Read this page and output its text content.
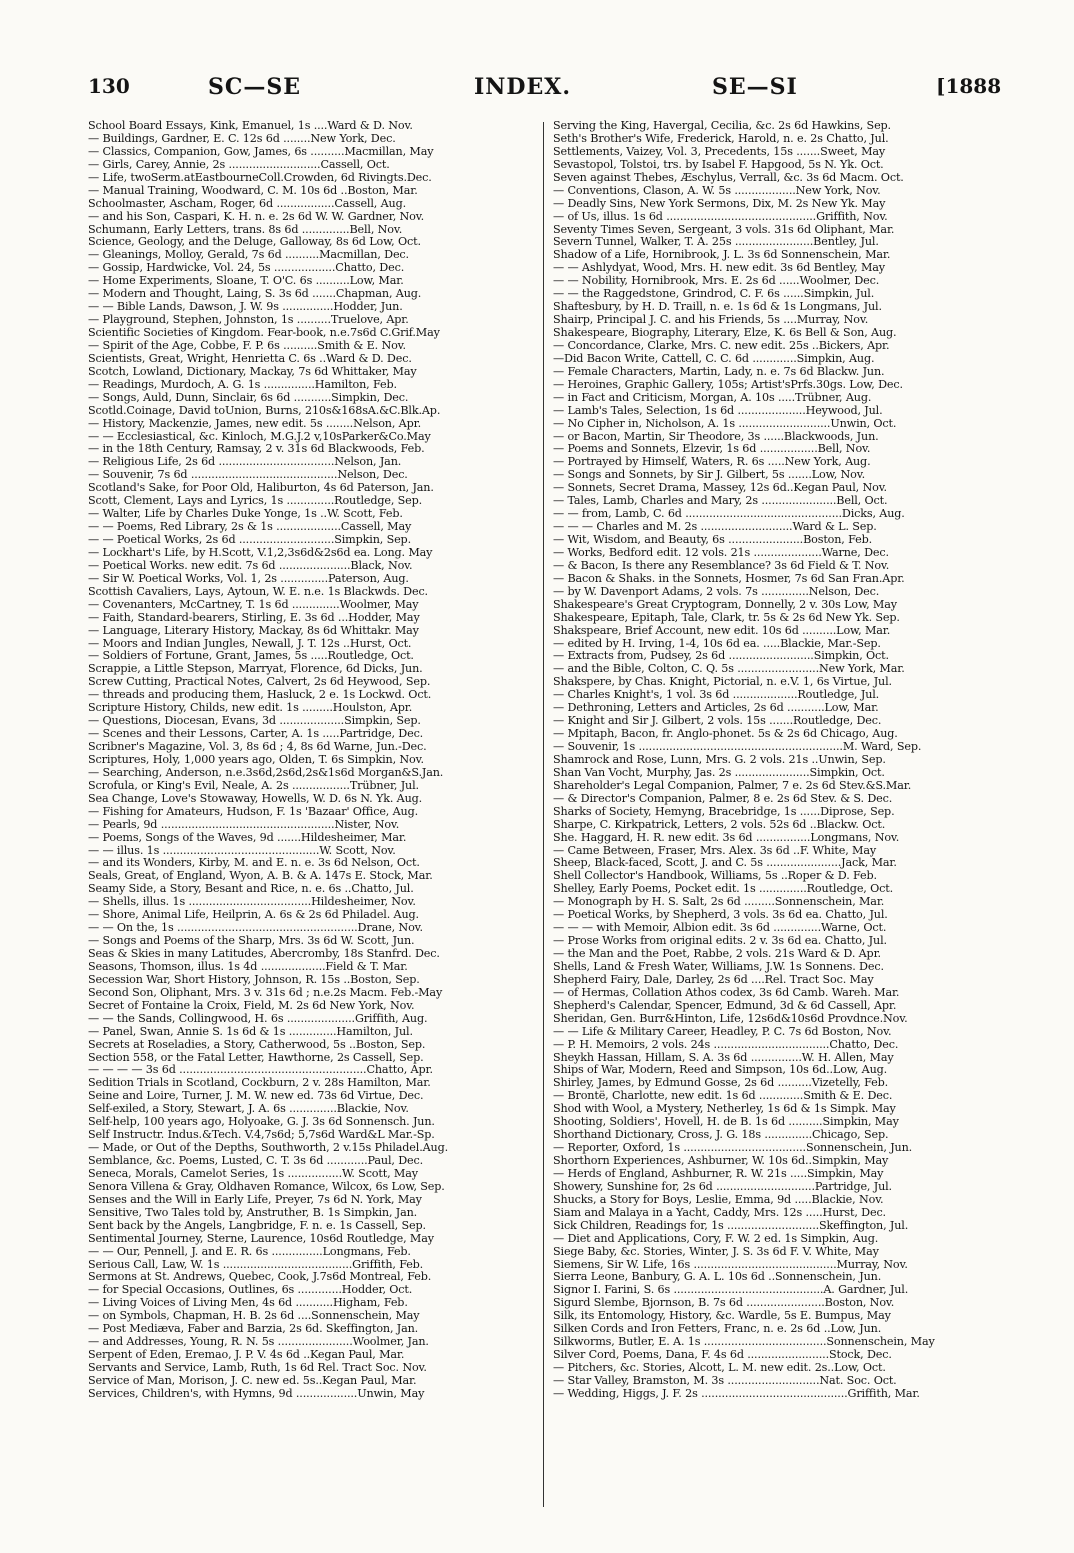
130	SC—SE	INDEX.	SE—SI	[1888
School Board Essays, Kink, Emanuel, 1s ....Ward & D. Nov.
— Buildings, Gardner, E. C. 12s 6d ........New York, Dec.
— Classics, Companion, Gow, James, 6s ..........Macmillan, May
— Girls, Carey, Annie, 2s ...........................Cassell, Oct.
— Life, twoSerm.atEastbourneColl.Crowden, 6d Rivingts.Dec.
— Manual Training, Woodward, C. M. 10s 6d ..Boston, Mar.
Schoolmaster, Ascham, Roger, 6d .................Cassell, Aug.
— and his Son, Caspari, K. H. n. e. 2s 6d W. W. Gardner, Nov.
Schumann, Early Letters, trans. 8s 6d ..............Bell, Nov.
Science, Geology, and the Deluge, Galloway, 8s 6d Low, Oct.
— Gleanings, Molloy, Gerald, 7s 6d ..........Macmillan, Dec.
— Gossip, Hardwicke, Vol. 24, 5s ..................Chatto, Dec.
— Home Experiments, Sloane, T. O'C. 6s ..........Low, Mar.
— Modern and Thought, Laing, S. 3s 6d .......Chapman, Aug.
— — Bible Lands, Dawson, J. W. 9s ...............Hodder, Jun.
— Playground, Stephen, Johnston, 1s ..........Truelove, Apr.
Scientific Societies of Kingdom. Fear-book, n.e.7s6d C.Grif.May
— Spirit of the Age, Cobbe, F. P. 6s ..........Smith & E. Nov.
Scientists, Great, Wright, Henrietta C. 6s ..Ward & D. Dec.
Scotch, Lowland, Dictionary, Mackay, 7s 6d Whittaker, May
— Readings, Murdoch, A. G. 1s ...............Hamilton, Feb.
— Songs, Auld, Dunn, Sinclair, 6s 6d ...........Simpkin, Dec.
Scotld.Coinage, David toUnion, Burns, 210s&168sA.&C.Blk.Ap.
— History, Mackenzie, James, new edit. 5s ........Nelson, Apr.
— — Ecclesiastical, &c. Kinloch, M.G.J.2 v,10sParker&Co.May
— in the 18th Century, Ramsay, 2 v. 31s 6d Blackwoods, Feb.
— Religious Life, 2s 6d ..................................Nelson, Jan.
— Souvenir, 7s 6d ...........................................Nelson, Dec.
Scotland's Sake, for Poor Old, Haliburton, 4s 6d Paterson, Jan.
Scott, Clement, Lays and Lyrics, 1s ..............Routledge, Sep.
— Walter, Life by Charles Duke Yonge, 1s ..W. Scott, Feb.
— — Poems, Red Library, 2s & 1s ...................Cassell, May
— — Poetical Works, 2s 6d ............................Simpkin, Sep.
— Lockhart's Life, by H.Scott, V.1,2,3s6d&2s6d ea. Long. May
— Poetical Works. new edit. 7s 6d .....................Black, Nov.
— Sir W. Poetical Works, Vol. 1, 2s ..............Paterson, Aug.
Scottish Cavaliers, Lays, Aytoun, W. E. n.e. 1s Blackwds. Dec.
— Covenanters, McCartney, T. 1s 6d ..............Woolmer, May
— Faith, Standard-bearers, Stirling, E. 3s 6d ...Hodder, May
— Language, Literary History, Mackay, 8s 6d Whittakr. May
— Moors and Indian Jungles, Newall, J. T. 12s ..Hurst, Oct.
— Soldiers of Fortune, Grant, James, 5s .....Routledge, Oct.
Scrappie, a Little Stepson, Marryat, Florence, 6d Dicks, Jun.
Screw Cutting, Practical Notes, Calvert, 2s 6d Heywood, Sep.
— threads and producing them, Hasluck, 2 e. 1s Lockwd. Oct.
Scripture History, Childs, new edit. 1s .........Houlston, Apr.
— Questions, Diocesan, Evans, 3d ...................Simpkin, Sep.
— Scenes and their Lessons, Carter, A. 1s .....Partridge, Dec.
Scribner's Magazine, Vol. 3, 8s 6d ; 4, 8s 6d Warne, Jun.-Dec.
Scriptures, Holy, 1,000 years ago, Olden, T. 6s Simpkin, Nov.
— Searching, Anderson, n.e.3s6d,2s6d,2s&1s6d Morgan&S.Jan.
Scrofula, or King's Evil, Neale, A. 2s .................Trübner, Jul.
Sea Change, Love's Stowaway, Howells, W. D. 6s N. Yk. Aug.
— Fishing for Amateurs, Hudson, F. 1s 'Bazaar' Office, Aug.
— Pearls, 9d ...................................................Nister, Nov.
— Poems, Songs of the Waves, 9d .......Hildesheimer, Mar.
— — illus. 1s ..............................................W. Scott, Nov.
— and its Wonders, Kirby, M. and E. n. e. 3s 6d Nelson, Oct.
Seals, Great, of England, Wyon, A. B. & A. 147s E. Stock, Mar.
Seamy Side, a Story, Besant and Rice, n. e. 6s ..Chatto, Jul.
— Shells, illus. 1s ....................................Hildesheimer, Nov.
— Shore, Animal Life, Heilprin, A. 6s & 2s 6d Philadel. Aug.
— — On the, 1s .....................................................Drane, Nov.
— Songs and Poems of the Sharp, Mrs. 3s 6d W. Scott, Jun.
Seas & Skies in many Latitudes, Abercromby, 18s Stanfrd. Dec.
Seasons, Thomson, illus. 1s 4d ...................Field & T. Mar.
Secession War, Short History, Johnson, R. 15s ..Boston, Sep.
Second Son, Oliphant, Mrs. 3 v. 31s 6d ; n.e.2s Macm. Feb.-May
Secret of Fontaine la Croix, Field, M. 2s 6d New York, Nov.
— — the Sands, Collingwood, H. 6s ....................Griffith, Aug.
— Panel, Swan, Annie S. 1s 6d & 1s ..............Hamilton, Jul.
Secrets at Roseladies, a Story, Catherwood, 5s ..Boston, Sep.
Section 558, or the Fatal Letter, Hawthorne, 2s Cassell, Sep.
— — — — 3s 6d .......................................................Chatto, Apr.
Sedition Trials in Scotland, Cockburn, 2 v. 28s Hamilton, Mar.
Seine and Loire, Turner, J. M. W. new ed. 73s 6d Virtue, Dec.
Self-exiled, a Story, Stewart, J. A. 6s ..............Blackie, Nov.
Self-help, 100 years ago, Holyoake, G. J. 3s 6d Sonnensch. Jun.
Self Instructr. Indus.&Tech. V.4,7s6d; 5,7s6d Ward&L Mar.-Sp.
— Made, or Out of the Depths, Southworth, 2 v.15s Philadel.Aug.
Semblance, &c. Poems, Lusted, C. T. 3s 6d ............Paul, Dec.
Seneca, Morals, Camelot Series, 1s ................W. Scott, May
Senora Villena & Gray, Oldhaven Romance, Wilcox, 6s Low, Sep.
Senses and the Will in Early Life, Preyer, 7s 6d N. York, May
Sensitive, Two Tales told by, Anstruther, B. 1s Simpkin, Jan.
Sent back by the Angels, Langbridge, F. n. e. 1s Cassell, Sep.
Sentimental Journey, Sterne, Laurence, 10s6d Routledge, May
— — Our, Pennell, J. and E. R. 6s ...............Longmans, Feb.
Serious Call, Law, W. 1s ......................................Griffith, Feb.
Sermons at St. Andrews, Quebec, Cook, J.7s6d Montreal, Feb.
— for Special Occasions, Outlines, 6s .............Hodder, Oct.
— Living Voices of Living Men, 4s 6d ...........Higham, Feb.
— on Symbols, Chapman, H. B. 2s 6d ....Sonnenschein, May
— Post Mediæva, Faber and Barzia, 2s 6d. Skeffington, Jan.
— and Addresses, Young, R. N. 5s ......................Woolmer, Jan.
Serpent of Eden, Eremao, J. P. V. 4s 6d ..Kegan Paul, Mar.
Servants and Service, Lamb, Ruth, 1s 6d Rel. Tract Soc. Nov.
Service of Man, Morison, J. C. new ed. 5s..Kegan Paul, Mar.
Services, Children's, with Hymns, 9d ..................Unwin, May
Serving the King, Havergal, Cecilia, &c. 2s 6d Hawkins, Sep.
Seth's Brother's Wife, Frederick, Harold, n. e. 2s Chatto, Jul.
Settlements, Vaizey, Vol. 3, Precedents, 15s .......Sweet, May
Sevastopol, Tolstoi, trs. by Isabel F. Hapgood, 5s N. Yk. Oct.
Seven against Thebes, Æschylus, Verrall, &c. 3s 6d Macm. Oct.
— Conventions, Clason, A. W. 5s ..................New York, Nov.
— Deadly Sins, New York Sermons, Dix, M. 2s New Yk. May
— of Us, illus. 1s 6d ............................................Griffith, Nov.
Seventy Times Seven, Sergeant, 3 vols. 31s 6d Oliphant, Mar.
Severn Tunnel, Walker, T. A. 25s .......................Bentley, Jul.
Shadow of a Life, Hornibrook, J. L. 3s 6d Sonnenschein, Mar.
— — Ashlydyat, Wood, Mrs. H. new edit. 3s 6d Bentley, May
— — Nobility, Hornibrook, Mrs. E. 2s 6d ......Woolmer, Dec.
— — the Raggedstone, Grindrod, C. F. 6s ......Simpkin, Jul.
Shaftesbury, by H. D. Traill, n. e. 1s 6d & 1s Longmans, Jul.
Shairp, Principal J. C. and his Friends, 5s ....Murray, Nov.
Shakespeare, Biography, Literary, Elze, K. 6s Bell & Son, Aug.
— Concordance, Clarke, Mrs. C. new edit. 25s ..Bickers, Apr.
—Did Bacon Write, Cattell, C. C. 6d .............Simpkin, Aug.
— Female Characters, Martin, Lady, n. e. 7s 6d Blackw. Jun.
— Heroines, Graphic Gallery, 105s; Artist'sPrfs.30gs. Low, Dec.
— in Fact and Criticism, Morgan, A. 10s .....Trübner, Aug.
— Lamb's Tales, Selection, 1s 6d ....................Heywood, Jul.
— No Cipher in, Nicholson, A. 1s ...........................Unwin, Oct.
— or Bacon, Martin, Sir Theodore, 3s ......Blackwoods, Jun.
— Poems and Sonnets, Elzevir, 1s 6d .................Bell, Nov.
— Portrayed by Himself, Waters, R. 6s .....New York, Aug.
— Songs and Sonnets, by Sir J. Gilbert, 5s .......Low, Nov.
— Sonnets, Secret Drama, Massey, 12s 6d..Kegan Paul, Nov.
— Tales, Lamb, Charles and Mary, 2s ......................Bell, Oct.
— — from, Lamb, C. 6d ..............................................Dicks, Aug.
— — — Charles and M. 2s ...........................Ward & L. Sep.
— Wit, Wisdom, and Beauty, 6s ......................Boston, Feb.
— Works, Bedford edit. 12 vols. 21s ....................Warne, Dec.
— & Bacon, Is there any Resemblance? 3s 6d Field & T. Nov.
— Bacon & Shaks. in the Sonnets, Hosmer, 7s 6d San Fran.Apr.
— by W. Davenport Adams, 2 vols. 7s ..............Nelson, Dec.
Shakespeare's Great Cryptogram, Donnelly, 2 v. 30s Low, May
Shakespeare, Epitaph, Tale, Clark, tr. 5s & 2s 6d New Yk. Sep.
Shakspeare, Brief Account, new edit. 10s 6d ..........Low, Mar.
— edited by H. Irving, 1-4, 10s 6d ea. .....Blackie, Mar.-Sep.
— Extracts from, Pudsey, 2s 6d .........................Simpkin, Oct.
— and the Bible, Colton, C. Q. 5s ........................New York, Mar.
Shakspere, by Chas. Knight, Pictorial, n. e.V. 1, 6s Virtue, Jul.
— Charles Knight's, 1 vol. 3s 6d ...................Routledge, Jul.
— Dethroning, Letters and Articles, 2s 6d ...........Low, Mar.
— Knight and Sir J. Gilbert, 2 vols. 15s .......Routledge, Dec.
— Mpitaph, Bacon, fr. Anglo-phonet. 5s & 2s 6d Chicago, Aug.
— Souvenir, 1s ............................................................M. Ward, Sep.
Shamrock and Rose, Lunn, Mrs. G. 2 vols. 21s ..Unwin, Sep.
Shan Van Vocht, Murphy, Jas. 2s ......................Simpkin, Oct.
Shareholder's Legal Companion, Palmer, 7 e. 2s 6d Stev.&S.Mar.
— & Director's Companion, Palmer, 8 e. 2s 6d Stev. & S. Dec.
Sharks of Society, Hemyng, Bracebridge, 1s ......Diprose, Sep.
Sharpe, C. Kirkpatrick, Letters, 2 vols. 52s 6d ..Blackw. Oct.
She. Haggard, H. R. new edit. 3s 6d ................Longmans, Nov.
— Came Between, Fraser, Mrs. Alex. 3s 6d ..F. White, May
Sheep, Black-faced, Scott, J. and C. 5s ......................Jack, Mar.
Shell Collector's Handbook, Williams, 5s ..Roper & D. Feb.
Shelley, Early Poems, Pocket edit. 1s ..............Routledge, Oct.
— Monograph by H. S. Salt, 2s 6d .........Sonnenschein, Mar.
— Poetical Works, by Shepherd, 3 vols. 3s 6d ea. Chatto, Jul.
— — — with Memoir, Albion edit. 3s 6d ..............Warne, Oct.
— Prose Works from original edits. 2 v. 3s 6d ea. Chatto, Jul.
— the Man and the Poet, Rabbe, 2 vols. 21s Ward & D. Apr.
Shells, Land & Fresh Water, Williams, J.W. 1s Sonnens. Dec.
Shepherd Fairy, Dale, Darley, 2s 6d ....Rel. Tract Soc. May
— of Hermas, Collation Athos codex, 3s 6d Camb. Wareh. Mar.
Shepherd's Calendar, Spencer, Edmund, 3d & 6d Cassell, Apr.
Sheridan, Gen. Burr&Hinton, Life, 12s6d&10s6d Provdnce.Nov.
— — Life & Military Career, Headley, P. C. 7s 6d Boston, Nov.
— P. H. Memoirs, 2 vols. 24s ..................................Chatto, Dec.
Sheykh Hassan, Hillam, S. A. 3s 6d ...............W. H. Allen, May
Ships of War, Modern, Reed and Simpson, 10s 6d..Low, Aug.
Shirley, James, by Edmund Gosse, 2s 6d ..........Vizetelly, Feb.
— Brontë, Charlotte, new edit. 1s 6d .............Smith & E. Dec.
Shod with Wool, a Mystery, Netherley, 1s 6d & 1s Simpk. May
Shooting, Soldiers', Hovell, H. de B. 1s 6d ..........Simpkin, May
Shorthand Dictionary, Cross, J. G. 18s ..............Chicago, Sep.
— Reporter, Oxford, 1s ....................................Sonnenschein, Jun.
Shorthorn Experiences, Ashburner, W. 10s 6d..Simpkin, May
— Herds of England, Ashburner, R. W. 21s .....Simpkin, May
Showery, Sunshine for, 2s 6d .............................Partridge, Jul.
Shucks, a Story for Boys, Leslie, Emma, 9d .....Blackie, Nov.
Siam and Malaya in a Yacht, Caddy, Mrs. 12s .....Hurst, Dec.
Sick Children, Readings for, 1s ...........................Skeffington, Jul.
— Diet and Applications, Cory, F. W. 2 ed. 1s Simpkin, Aug.
Siege Baby, &c. Stories, Winter, J. S. 3s 6d F. V. White, May
Siemens, Sir W. Life, 16s ..........................................Murray, Nov.
Sierra Leone, Banbury, G. A. L. 10s 6d ..Sonnenschein, Jun.
Signor I. Farini, S. 6s ............................................A. Gardner, Jul.
Sigurd Slembe, Bjornson, B. 7s 6d .......................Boston, Nov.
Silk, its Entomology, History, &c. Wardle, 5s E. Bumpus, May
Silken Cords and Iron Fetters, Franc, n. e. 2s 6d ..Low, Jun.
Silkworms, Butler, E. A. 1s ....................................Sonnenschein, May
Silver Cord, Poems, Dana, F. 4s 6d ........................Stock, Dec.
— Pitchers, &c. Stories, Alcott, L. M. new edit. 2s..Low, Oct.
— Star Valley, Bramston, M. 3s ...........................Nat. Soc. Oct.
— Wedding, Higgs, J. F. 2s ...........................................Griffith, Mar.
